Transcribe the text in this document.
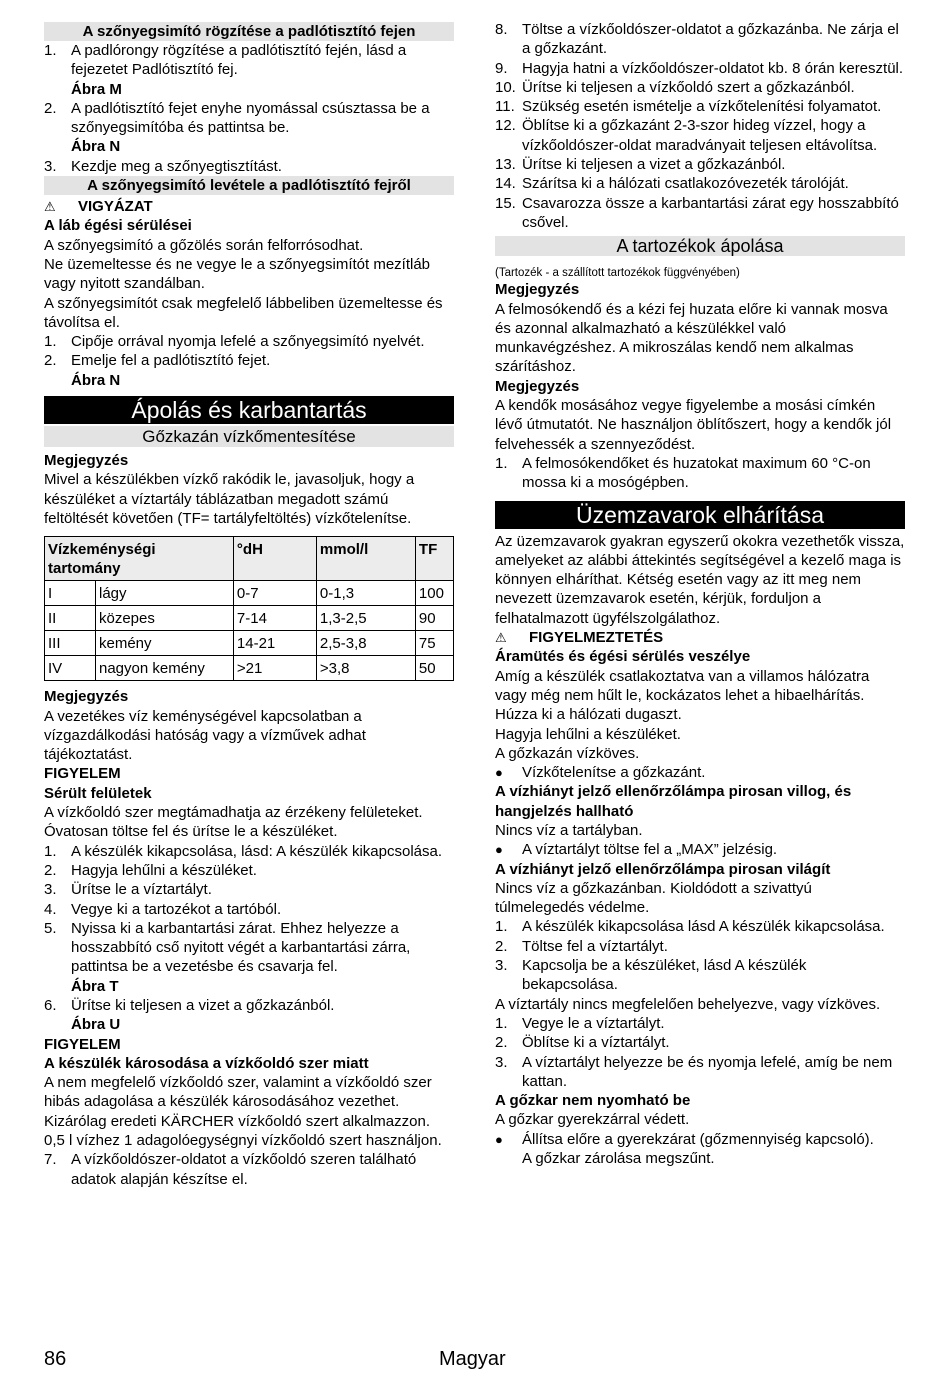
A szőnyegsimító rögzítése a padlótisztító fejen
1. A padlórongy rögzítése a padlótisztító fején, lásd a fejezetet Padlótisztító fej.
Ábra M
2. A padlótisztító fejet enyhe nyomással csúsztassa be a szőnyegsimítóba és pattintsa be.
Ábra N
3. Kezdje meg a szőnyegtisztítást.
A szőnyegsimító levétele a padlótisztító fejről
⚠	VIGYÁZAT

A láb égési sérülései

A szőnyegsimító a gőzölés során felforrósodhat.

Ne üzemeltesse és ne vegye le a szőnyegsimítót mezítláb vagy nyitott szandálban.

A szőnyegsimítót csak megfelelő lábbeliben üzemeltesse és távolítsa el.

1. Cipője orrával nyomja lefelé a szőnyegsimító nyelvét.
2. Emelje fel a padlótisztító fejet.
Ábra N
Ápolás és karbantartás
Gőzkazán vízkőmentesítése

Megjegyzés

Mivel a készülékben vízkő rakódik le, javasoljuk, hogy a készüléket a víztartály táblázatban megadott számú feltöltését követően (TF= tartályfeltöltés) vízkőtelenítse.

Vízkeménységi tartomány		°dH	mmol/l	TF
I	lágy	0-7	0-1,3	100
II	közepes	7-14	1,3-2,5	90
III	kemény	14-21	2,5-3,8	75
IV	nagyon kemény	>21	>3,8	50

Megjegyzés

A vezetékes víz keménységével kapcsolatban a vízgazdálkodási hatóság vagy a vízművek adhat tájékoztatást.

FIGYELEM

Sérült felületek

A vízkőoldó szer megtámadhatja az érzékeny felületeket.

Óvatosan töltse fel és ürítse le a készüléket.

1. A készülék kikapcsolása, lásd: A készülék kikapcsolása.
2. Hagyja lehűlni a készüléket.
3. Ürítse le a víztartályt.
4. Vegye ki a tartozékot a tartóból.
5. Nyissa ki a karbantartási zárat. Ehhez helyezze a hosszabbító cső nyitott végét a karbantartási zárra, pattintsa be a vezetésbe és csavarja fel.
Ábra T
6. Ürítse ki teljesen a vizet a gőzkazánból.
Ábra U

FIGYELEM

A készülék károsodása a vízkőoldó szer miatt

A nem megfelelő vízkőoldó szer, valamint a vízkőoldó szer hibás adagolása a készülék károsodásához vezethet.

Kizárólag eredeti KÄRCHER vízkőoldó szert alkalmazzon.

0,5 l vízhez 1 adagolóegységnyi vízkőoldó szert használjon.

7. A vízkőoldószer-oldatot a vízkőoldó szeren található adatok alapján készítse el.
8. Töltse a vízkőoldószer-oldatot a gőzkazánba. Ne zárja el a gőzkazánt.
9. Hagyja hatni a vízkőoldószer-oldatot kb. 8 órán keresztül.
10. Ürítse ki teljesen a vízkőoldó szert a gőzkazánból.
11. Szükség esetén ismételje a vízkőtelenítési folyamatot.
12. Öblítse ki a gőzkazánt 2-3-szor hideg vízzel, hogy a vízkőoldószer-oldat maradványait teljesen eltávolítsa.
13. Ürítse ki teljesen a vizet a gőzkazánból.
14. Szárítsa ki a hálózati csatlakozóvezeték tárolóját.
15. Csavarozza össze a karbantartási zárat egy hosszabbító csővel.
A tartozékok ápolása

(Tartozék - a szállított tartozékok függvényében)

Megjegyzés

A felmosókendő és a kézi fej huzata előre ki vannak mosva és azonnal alkalmazható a készülékkel való munkavégzéshez. A mikroszálas kendő nem alkalmas szárításhoz.

Megjegyzés

A kendők mosásához vegye figyelembe a mosási címkén lévő útmutatót. Ne használjon öblítőszert, hogy a kendők jól felvehessék a szennyeződést.

1. A felmosókendőket és huzatokat maximum 60 °C-on mossa ki a mosógépben.
Üzemzavarok elhárítása

Az üzemzavarok gyakran egyszerű okokra vezethetők vissza, amelyeket az alábbi áttekintés segítségével a kezelő maga is könnyen elháríthat. Kétség esetén vagy az itt meg nem nevezett üzemzavarok esetén, kérjük, forduljon a felhatalmazott ügyfélszolgálathoz.

⚠	FIGYELMEZTETÉS

Áramütés és égési sérülés veszélye

Amíg a készülék csatlakoztatva van a villamos hálózatra vagy még nem hűlt le, kockázatos lehet a hibaelhárítás.

Húzza ki a hálózati dugaszt.

Hagyja lehűlni a készüléket.

A gőzkazán vízköves.

●	Vízkőtelenítse a gőzkazánt.

A vízhiányt jelző ellenőrzőlámpa pirosan villog, és hangjelzés hallható

Nincs víz a tartályban.

●	A víztartályt töltse fel a „MAX” jelzésig.

A vízhiányt jelző ellenőrzőlámpa pirosan világít

Nincs víz a gőzkazánban. Kioldódott a szivattyú túlmelegedés védelme.

1. A készülék kikapcsolása lásd A készülék kikapcsolása.
2. Töltse fel a víztartályt.
3. Kapcsolja be a készüléket, lásd A készülék bekapcsolása.

A víztartály nincs megfelelően behelyezve, vagy vízköves.

1. Vegye le a víztartályt.
2. Öblítse ki a víztartályt.
3. A víztartályt helyezze be és nyomja lefelé, amíg be nem kattan.

A gőzkar nem nyomható be

A gőzkar gyerekzárral védett.

●	Állítsa előre a gyerekzárat (gőzmennyiség kapcsoló).

A gőzkar zárolása megszűnt.

86	Magyar
